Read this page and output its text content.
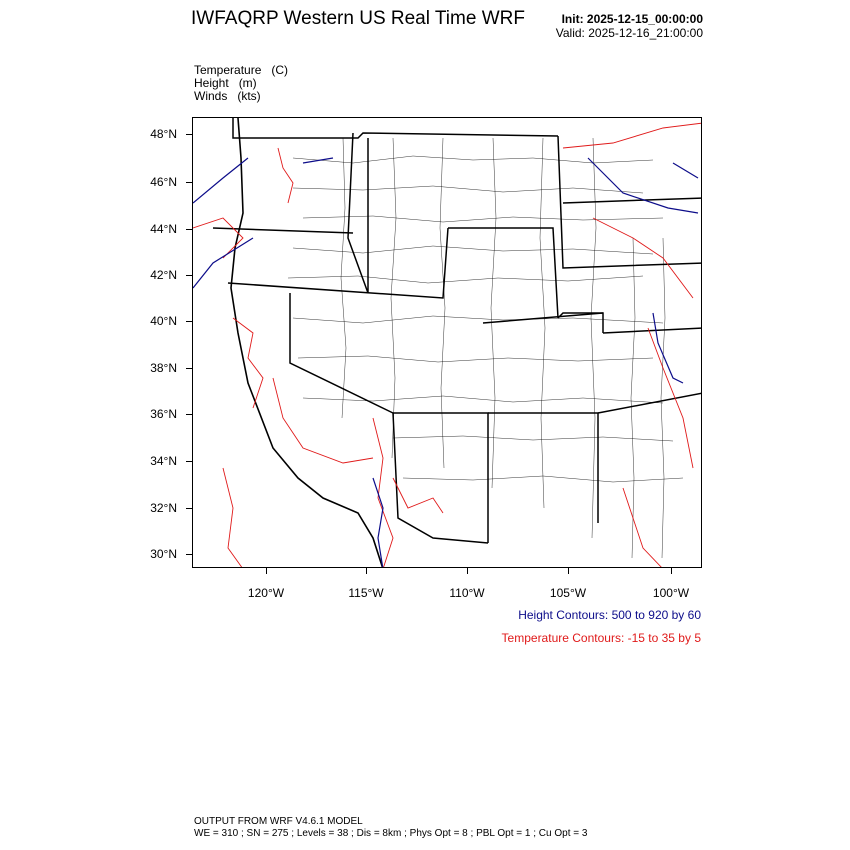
IWFAQRP Western US Real Time WRF	Init: 2025-12-15_00:00:00
Valid: 2025-12-16_21:00:00
Temperature   (C)
Height   (m)
Winds   (kts)
48°N
46°N
44°N
42°N
40°N
38°N
36°N
34°N
32°N
30°N
120°W	115°W	110°W	105°W	100°W
Height Contours: 500 to 920 by 60
Temperature Contours: -15 to 35 by 5
OUTPUT FROM WRF V4.6.1 MODEL
WE = 310 ; SN = 275 ; Levels = 38 ; Dis = 8km ; Phys Opt = 8 ; PBL Opt = 1 ; Cu Opt = 3
